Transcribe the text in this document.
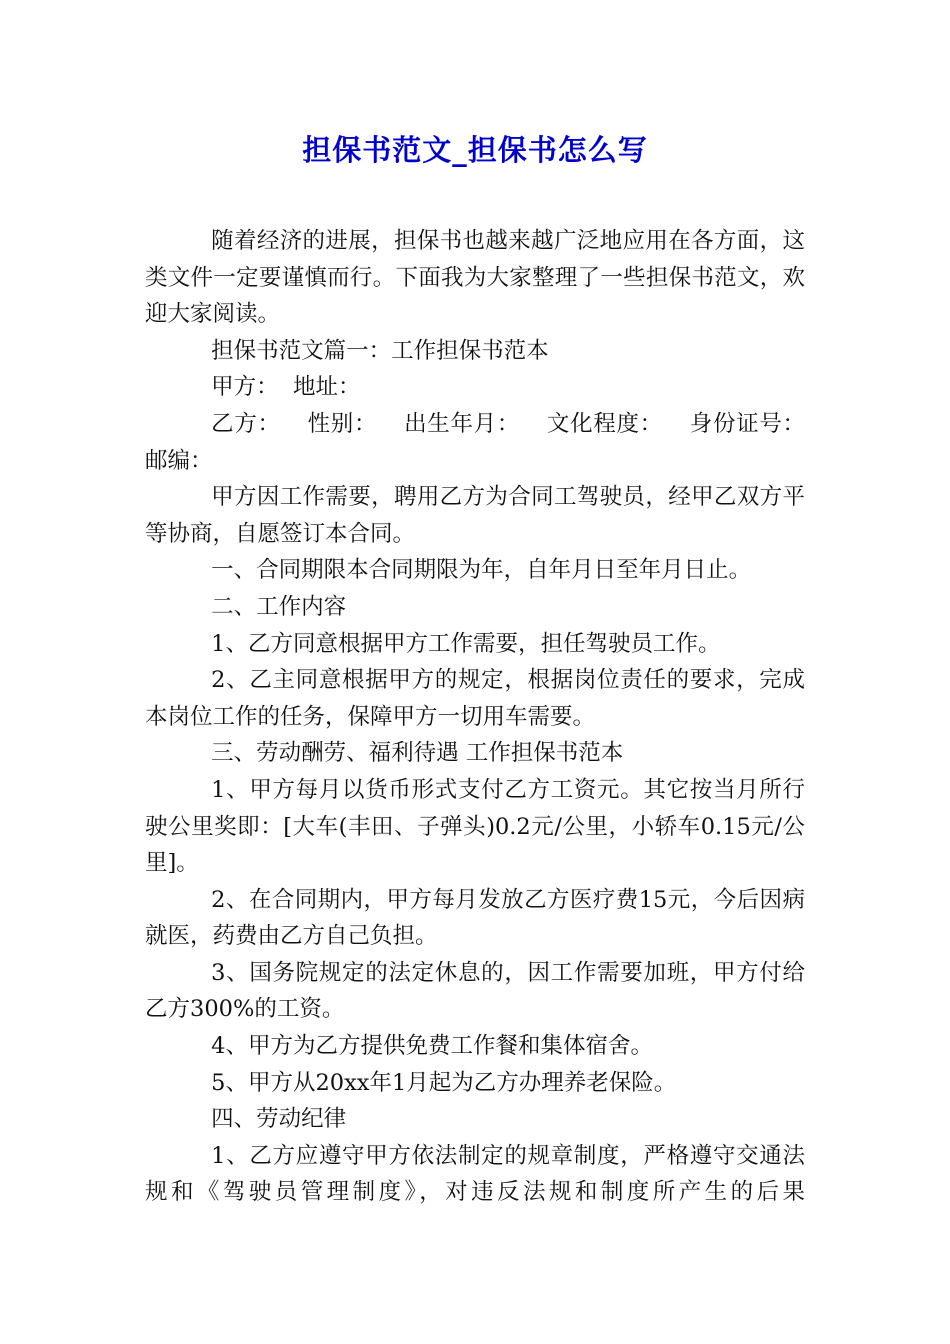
担保书范文_担保书怎么写

随着经济的进展，担保书也越来越广泛地应用在各方面，这类文件一定要谨慎而行。下面我为大家整理了一些担保书范文，欢迎大家阅读。

担保书范文篇一：工作担保书范本

甲方：  地址：

乙方：  性别：  出生年月：  文化程度：  身份证号：  邮编：

甲方因工作需要，聘用乙方为合同工驾驶员，经甲乙双方平等协商，自愿签订本合同。

一、合同期限本合同期限为年，自年月日至年月日止。

二、工作内容

1、乙方同意根据甲方工作需要，担任驾驶员工作。

2、乙主同意根据甲方的规定，根据岗位责任的要求，完成本岗位工作的任务，保障甲方一切用车需要。

三、劳动酬劳、福利待遇 工作担保书范本

1、甲方每月以货币形式支付乙方工资元。其它按当月所行驶公里奖即：[大车(丰田、子弹头)0.2元/公里，小轿车0.15元/公里]。

2、在合同期内，甲方每月发放乙方医疗费15元，今后因病就医，药费由乙方自己负担。

3、国务院规定的法定休息的，因工作需要加班，甲方付给乙方300%的工资。

4、甲方为乙方提供免费工作餐和集体宿舍。

5、甲方从20xx年1月起为乙方办理养老保险。

四、劳动纪律

1、乙方应遵守甲方依法制定的规章制度，严格遵守交通法规和《驾驶员管理制度》，对违反法规和制度所产生的后果
